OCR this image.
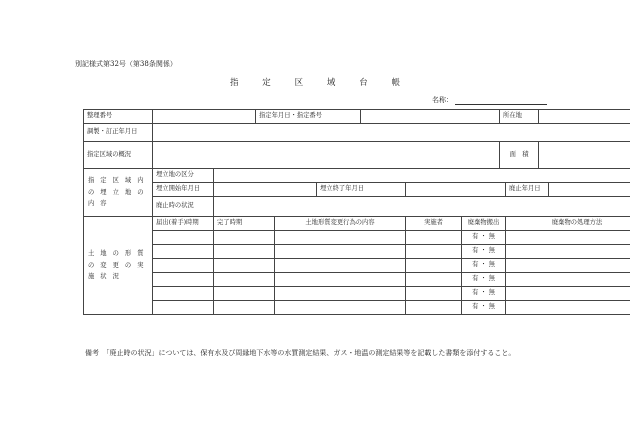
別記様式第32号（第38条関係）
指	定	区	域	台	帳
名称：
整理番号			指定年月日・指定番号						所在地			
調製・訂正年月日												
指定区域の概況									面　積			
指 定 区 域 内 の 埋 立 地 の 内 容	埋立地の区分											
	埋立開始年月日				埋立終了年月日					廃止年月日		
	廃止時の状況											
土 地 の 形 質 の 変 更 の 実 施 状 況	届出(着手)時期	完了時期		土地形質変更行為の内容			実施者	廃棄物搬出		廃棄物の処理方法		
								有 ・ 無				
								有 ・ 無				
								有 ・ 無				
								有 ・ 無				
								有 ・ 無				
								有 ・ 無				
備考　 「廃止時の状況」については、保有水及び周縁地下水等の水質測定結果、ガス・地温の測定結果等を記載した書類を添付すること。
